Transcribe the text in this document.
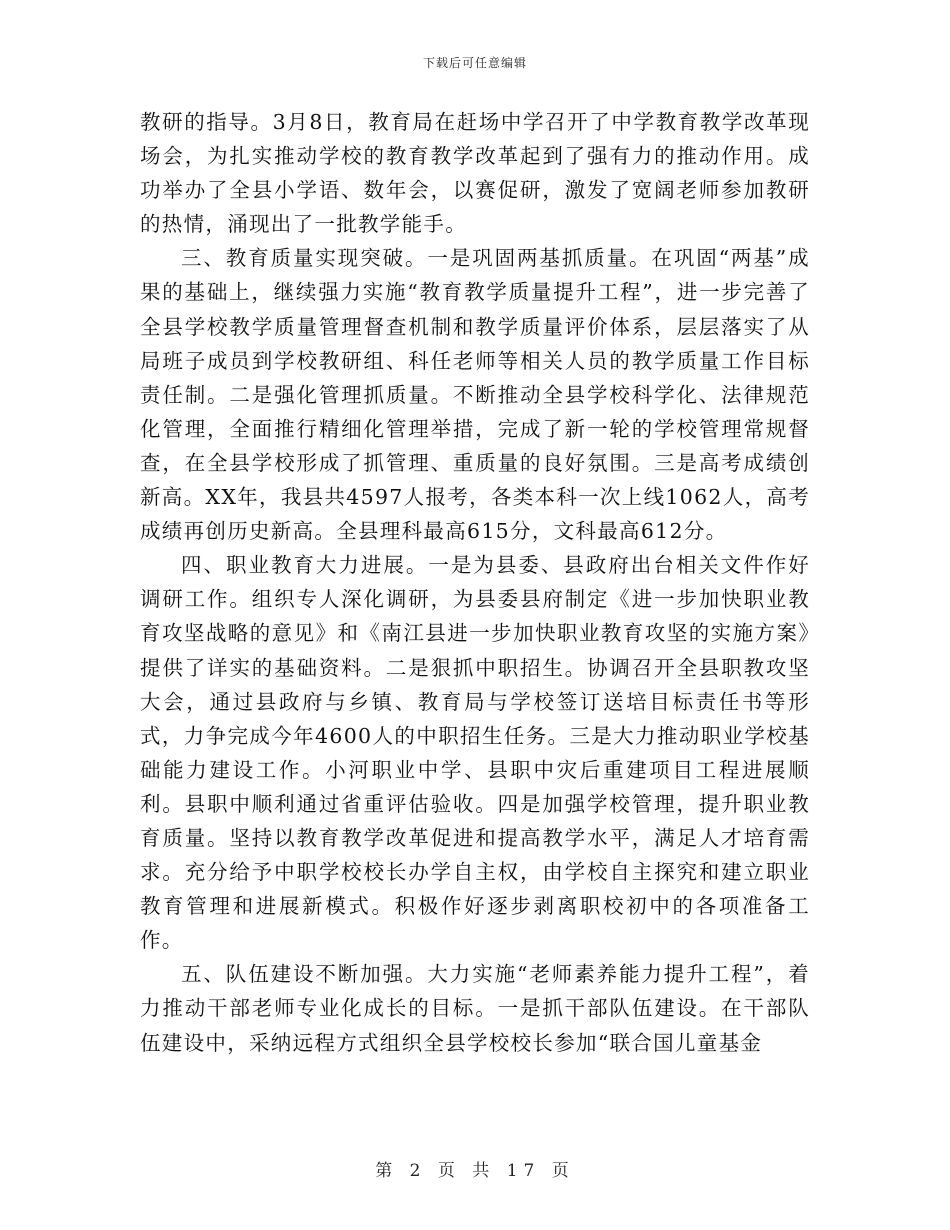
下载后可任意编辑

教研的指导。3月8日，教育局在赶场中学召开了中学教育教学改革现场会，为扎实推动学校的教育教学改革起到了强有力的推动作用。成功举办了全县小学语、数年会，以赛促研，激发了宽阔老师参加教研的热情，涌现出了一批教学能手。

三、教育质量实现突破。一是巩固两基抓质量。在巩固“两基”成果的基础上，继续强力实施“教育教学质量提升工程”，进一步完善了全县学校教学质量管理督查机制和教学质量评价体系，层层落实了从局班子成员到学校教研组、科任老师等相关人员的教学质量工作目标责任制。二是强化管理抓质量。不断推动全县学校科学化、法律规范化管理，全面推行精细化管理举措，完成了新一轮的学校管理常规督查，在全县学校形成了抓管理、重质量的良好氛围。三是高考成绩创新高。XX年，我县共4597人报考，各类本科一次上线1062人，高考成绩再创历史新高。全县理科最高615分，文科最高612分。

四、职业教育大力进展。一是为县委、县政府出台相关文件作好调研工作。组织专人深化调研，为县委县府制定《进一步加快职业教育攻坚战略的意见》和《南江县进一步加快职业教育攻坚的实施方案》提供了详实的基础资料。二是狠抓中职招生。协调召开全县职教攻坚大会，通过县政府与乡镇、教育局与学校签订送培目标责任书等形式，力争完成今年4600人的中职招生任务。三是大力推动职业学校基础能力建设工作。小河职业中学、县职中灾后重建项目工程进展顺利。县职中顺利通过省重评估验收。四是加强学校管理，提升职业教育质量。坚持以教育教学改革促进和提高教学水平，满足人才培育需求。充分给予中职学校校长办学自主权，由学校自主探究和建立职业教育管理和进展新模式。积极作好逐步剥离职校初中的各项准备工作。

五、队伍建设不断加强。大力实施“老师素养能力提升工程”，着力推动干部老师专业化成长的目标。一是抓干部队伍建设。在干部队伍建设中，采纳远程方式组织全县学校校长参加“联合国儿童基金

第 2 页 共 17 页
